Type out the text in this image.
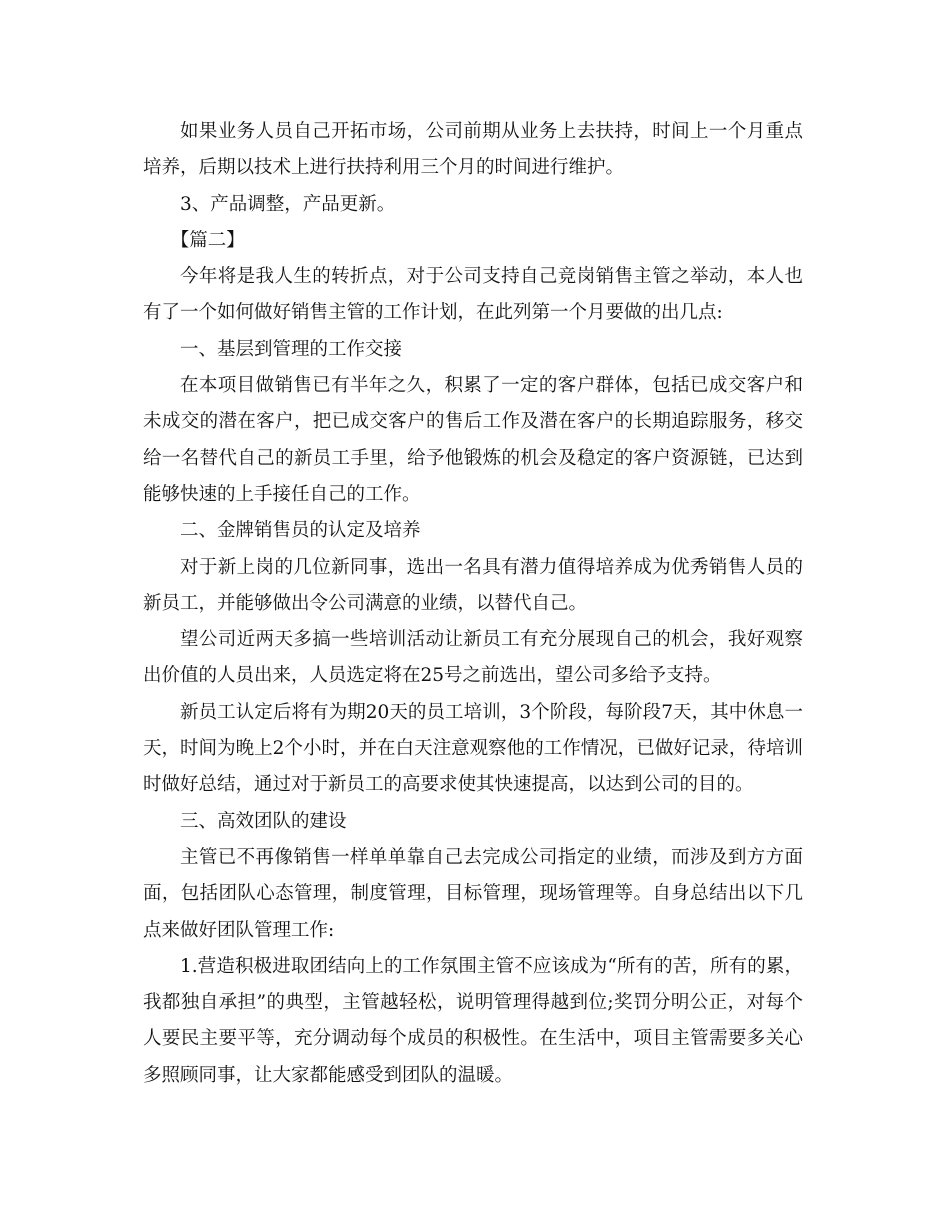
如果业务人员自己开拓市场，公司前期从业务上去扶持，时间上一个月重点培养，后期以技术上进行扶持利用三个月的时间进行维护。

3、产品调整，产品更新。

【篇二】

今年将是我人生的转折点，对于公司支持自己竞岗销售主管之举动，本人也有了一个如何做好销售主管的工作计划，在此列第一个月要做的出几点:

一、基层到管理的工作交接

在本项目做销售已有半年之久，积累了一定的客户群体，包括已成交客户和未成交的潜在客户，把已成交客户的售后工作及潜在客户的长期追踪服务，移交给一名替代自己的新员工手里，给予他锻炼的机会及稳定的客户资源链，已达到能够快速的上手接任自己的工作。

二、金牌销售员的认定及培养

对于新上岗的几位新同事，选出一名具有潜力值得培养成为优秀销售人员的新员工，并能够做出令公司满意的业绩，以替代自己。

望公司近两天多搞一些培训活动让新员工有充分展现自己的机会，我好观察出价值的人员出来，人员选定将在25号之前选出，望公司多给予支持。

新员工认定后将有为期20天的员工培训，3个阶段，每阶段7天，其中休息一天，时间为晚上2个小时，并在白天注意观察他的工作情况，已做好记录，待培训时做好总结，通过对于新员工的高要求使其快速提高，以达到公司的目的。

三、高效团队的建设

主管已不再像销售一样单单靠自己去完成公司指定的业绩，而涉及到方方面面，包括团队心态管理，制度管理，目标管理，现场管理等。自身总结出以下几点来做好团队管理工作:

1.营造积极进取团结向上的工作氛围主管不应该成为“所有的苦，所有的累，我都独自承担”的典型，主管越轻松，说明管理得越到位;奖罚分明公正，对每个人要民主要平等，充分调动每个成员的积极性。在生活中，项目主管需要多关心多照顾同事，让大家都能感受到团队的温暖。
